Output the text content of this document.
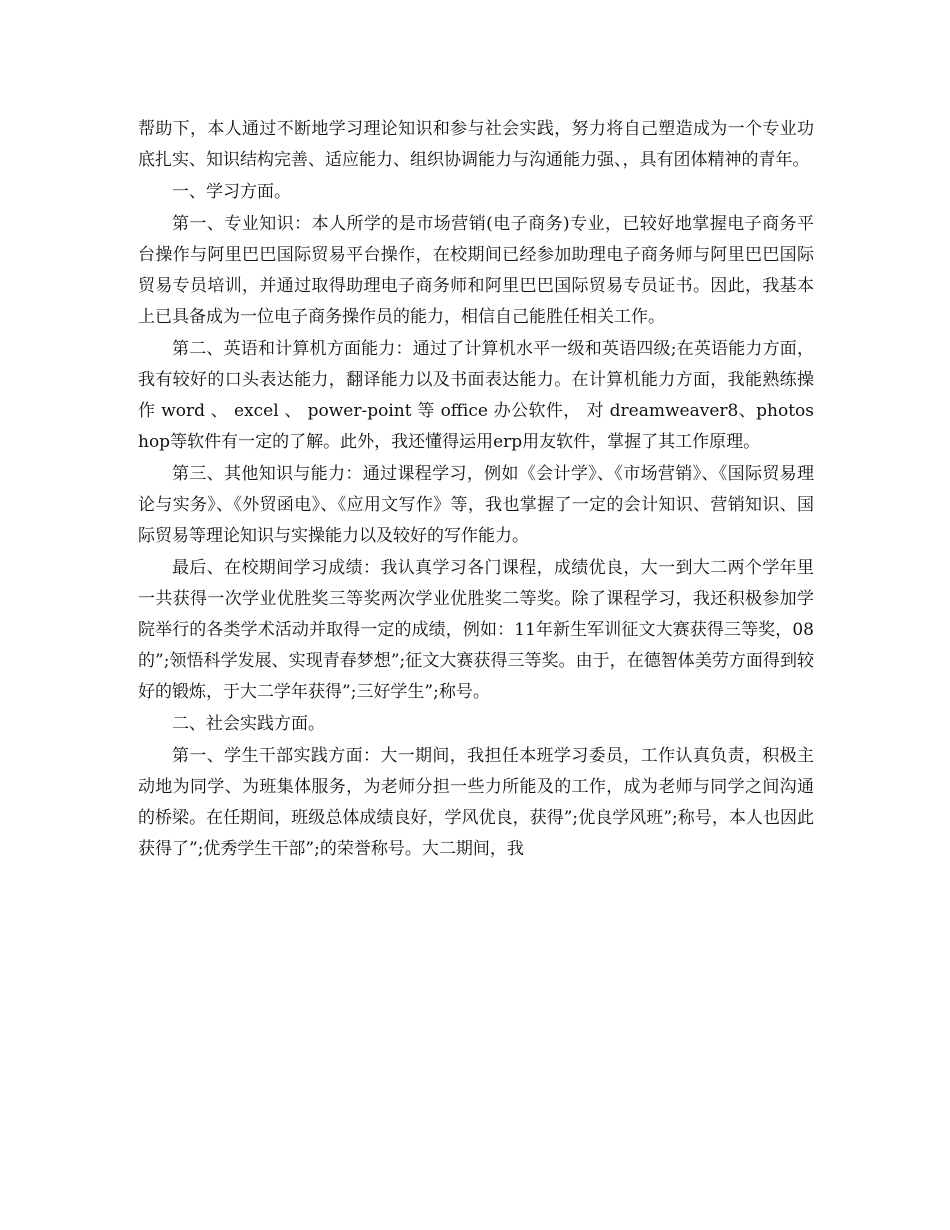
帮助下，本人通过不断地学习理论知识和参与社会实践，努力将自己塑造成为一个专业功底扎实、知识结构完善、适应能力、组织协调能力与沟通能力强、，具有团体精神的青年。

一、学习方面。

第一、专业知识：本人所学的是市场营销(电子商务)专业，已较好地掌握电子商务平台操作与阿里巴巴国际贸易平台操作，在校期间已经参加助理电子商务师与阿里巴巴国际贸易专员培训，并通过取得助理电子商务师和阿里巴巴国际贸易专员证书。因此，我基本上已具备成为一位电子商务操作员的能力，相信自己能胜任相关工作。

第二、英语和计算机方面能力：通过了计算机水平一级和英语四级;在英语能力方面，我有较好的口头表达能力，翻译能力以及书面表达能力。在计算机能力方面，我能熟练操作 word 、 excel 、 power-point 等 office 办公软件， 对 dreamweaver8、photoshop等软件有一定的了解。此外，我还懂得运用erp用友软件，掌握了其工作原理。

第三、其他知识与能力：通过课程学习，例如《会计学》、《市场营销》、《国际贸易理论与实务》、《外贸函电》、《应用文写作》等，我也掌握了一定的会计知识、营销知识、国际贸易等理论知识与实操能力以及较好的写作能力。

最后、在校期间学习成绩：我认真学习各门课程，成绩优良，大一到大二两个学年里一共获得一次学业优胜奖三等奖两次学业优胜奖二等奖。除了课程学习，我还积极参加学院举行的各类学术活动并取得一定的成绩，例如：11年新生军训征文大赛获得三等奖，08的”;领悟科学发展、实现青春梦想”;征文大赛获得三等奖。由于，在德智体美劳方面得到较好的锻炼，于大二学年获得”;三好学生”;称号。

二、社会实践方面。

第一、学生干部实践方面：大一期间，我担任本班学习委员，工作认真负责，积极主动地为同学、为班集体服务，为老师分担一些力所能及的工作，成为老师与同学之间沟通的桥梁。在任期间，班级总体成绩良好，学风优良，获得”;优良学风班”;称号，本人也因此获得了”;优秀学生干部”;的荣誉称号。大二期间，我
